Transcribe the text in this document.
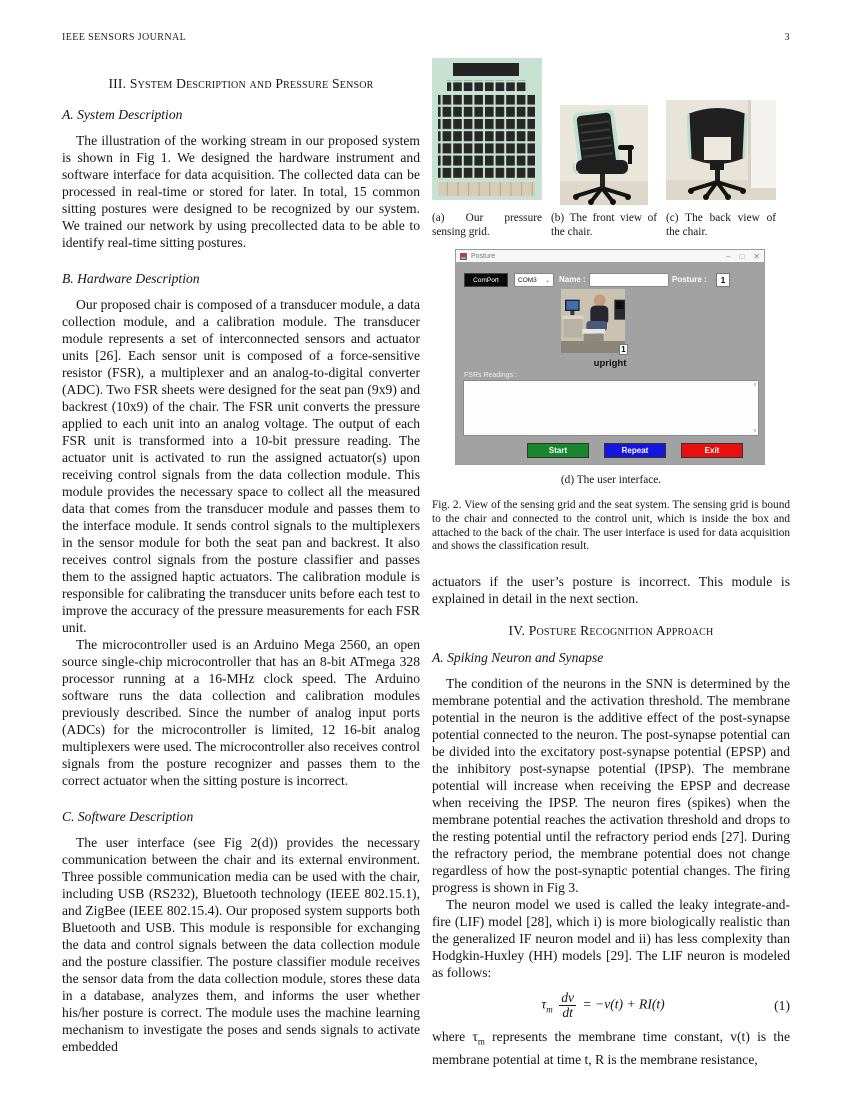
IEEE SENSORS JOURNAL	3
III. System Description and Pressure Sensor
A. System Description

The illustration of the working stream in our proposed system is shown in Fig 1. We designed the hardware instrument and software interface for data acquisition. The collected data can be processed in real-time or stored for later. In total, 15 common sitting postures were designed to be recognized by our system. We trained our network by using precollected data to be able to identify real-time sitting postures.

B. Hardware Description

Our proposed chair is composed of a transducer module, a data collection module, and a calibration module. The transducer module represents a set of interconnected sensors and actuator units [26]. Each sensor unit is composed of a force-sensitive resistor (FSR), a multiplexer and an analog-to-digital converter (ADC). Two FSR sheets were designed for the seat pan (9x9) and backrest (10x9) of the chair. The FSR unit converts the pressure applied to each unit into an analog voltage. The output of each FSR unit is transformed into a 10-bit pressure reading. The actuator unit is activated to run the assigned actuator(s) upon receiving control signals from the data collection module. This module provides the necessary space to collect all the measured data that comes from the transducer module and passes them to the interface module. It sends control signals to the multiplexers in the sensor module for both the seat pan and backrest. It also receives control signals from the posture classifier and passes them to the assigned haptic actuators. The calibration module is responsible for calibrating the transducer units before each test to improve the accuracy of the pressure measurements for each FSR unit.

The microcontroller used is an Arduino Mega 2560, an open source single-chip microcontroller that has an 8-bit ATmega 328 processor running at a 16-MHz clock speed. The Arduino software runs the data collection and calibration modules previously described. Since the number of analog input ports (ADCs) for the microcontroller is limited, 12 16-bit analog multiplexers were used. The microcontroller also receives control signals from the posture recognizer and passes them to the correct actuator when the sitting posture is incorrect.

C. Software Description

The user interface (see Fig 2(d)) provides the necessary communication between the chair and its external environment. Three possible communication media can be used with the chair, including USB (RS232), Bluetooth technology (IEEE 802.15.1), and ZigBee (IEEE 802.15.4). Our proposed system supports both Bluetooth and USB. This module is responsible for exchanging the data and control signals between the data collection module and the posture classifier. The posture classifier module receives the sensor data from the data collection module, stores these data in a database, analyzes them, and informs the user whether his/her posture is correct. The module uses the machine learning mechanism to investigate the poses and sends signals to activate embedded

(a) Our pressure sensing grid.
(b) The front view of the chair.
(c) The back view of the chair.
Posture	– □ ✕
ComPort	COM3 ⌄ Name :	Posture :	1
1
upright
FSRs Readings :
∧
∨
Start	Repeat	Exit
(d) The user interface.
Fig. 2. View of the sensing grid and the seat system. The sensing grid is bound to the chair and connected to the control unit, which is inside the box and attached to the back of the chair. The user interface is used for data acquisition and shows the classification result.

actuators if the user’s posture is incorrect. This module is explained in detail in the next section.

IV. Posture Recognition Approach
A. Spiking Neuron and Synapse

The condition of the neurons in the SNN is determined by the membrane potential and the activation threshold. The membrane potential in the neuron is the additive effect of the post-synapse potential connected to the neuron. The post-synapse potential can be divided into the excitatory post-synapse potential (EPSP) and the inhibitory post-synapse potential (IPSP). The membrane potential will increase when receiving the EPSP and decrease when receiving the IPSP. The neuron fires (spikes) when the membrane potential reaches the activation threshold and drops to the resting potential until the refractory period ends [27]. During the refractory period, the membrane potential does not change regardless of how the post-synaptic potential changes. The firing progress is shown in Fig 3.

The neuron model we used is called the leaky integrate-and-fire (LIF) model [28], which i) is more biologically realistic than the generalized IF neuron model and ii) has less complexity than Hodgkin-Huxley (HH) models [29]. The LIF neuron is modeled as follows:

$\tau_m \frac{dv}{dt} = -v(t) + RI(t)$	(1)

where $\tau_m$ represents the membrane time constant, v(t) is the membrane potential at time t, R is the membrane resistance,
